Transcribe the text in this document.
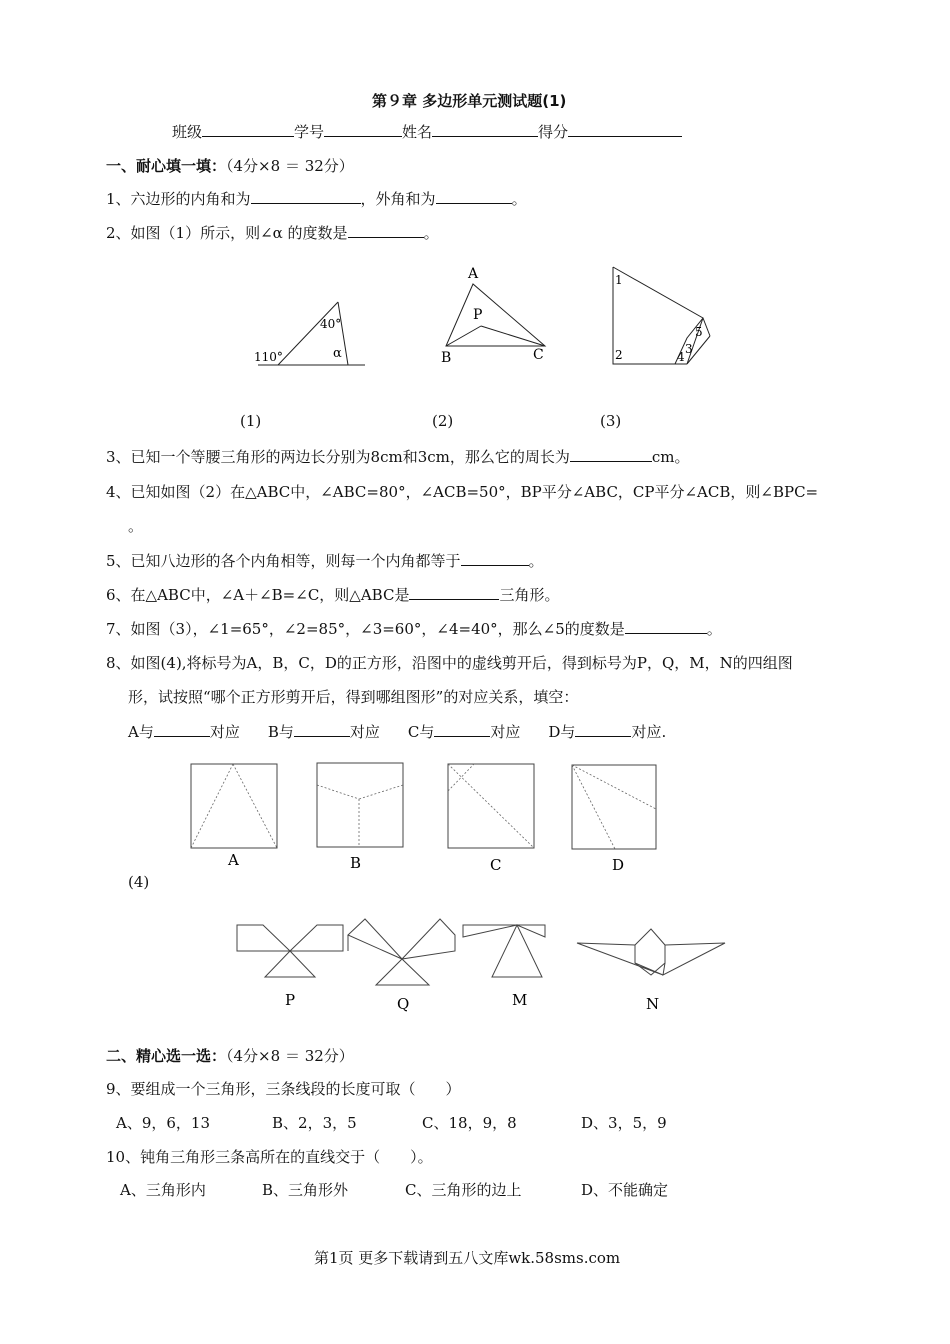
第９章 多边形单元测试题(1)
班级	学号	姓名	得分
一、耐心填一填：（4分×8 ＝ 32分）
1、六边形的内角和为	，外角和为	。
2、如图（1）所示，则∠α 的度数是	。
110°
40°
α
(1)
A
P
B	C
(2)
1
2	3
4
5
(3)
3、已知一个等腰三角形的两边长分别为8cm和3cm，那么它的周长为	cm。
4、已知如图（2）在△ABC中，∠ABC=80°，∠ACB=50°，BP平分∠ABC，CP平分∠ACB，则∠BPC=
。
5、已知八边形的各个内角相等，则每一个内角都等于	。
6、在△ABC中，∠A＋∠B=∠C，则△ABC是	三角形。
7、如图（3），∠1=65°，∠2=85°，∠3=60°，∠4=40°，那么∠5的度数是	。
8、如图(4),将标号为A，B，C，D的正方形，沿图中的虚线剪开后，得到标号为P，Q，M，N的四组图
形，试按照“哪个正方形剪开后，得到哪组图形”的对应关系，填空：
A与	对应 B与	对应 C与	对应 D与	对应.
A	B	C	D
(4)
P	Q	M	N
二、精心选一选：（4分×8 ＝ 32分）
9、要组成一个三角形，三条线段的长度可取（　　）
A、9，6，13	B、2，3，5	C、18，9，8	D、3，5，9
10、钝角三角形三条高所在的直线交于（　　）。
A、三角形内	B、三角形外	C、三角形的边上	D、不能确定
第1页 更多下载请到五八文库wk.58sms.com
